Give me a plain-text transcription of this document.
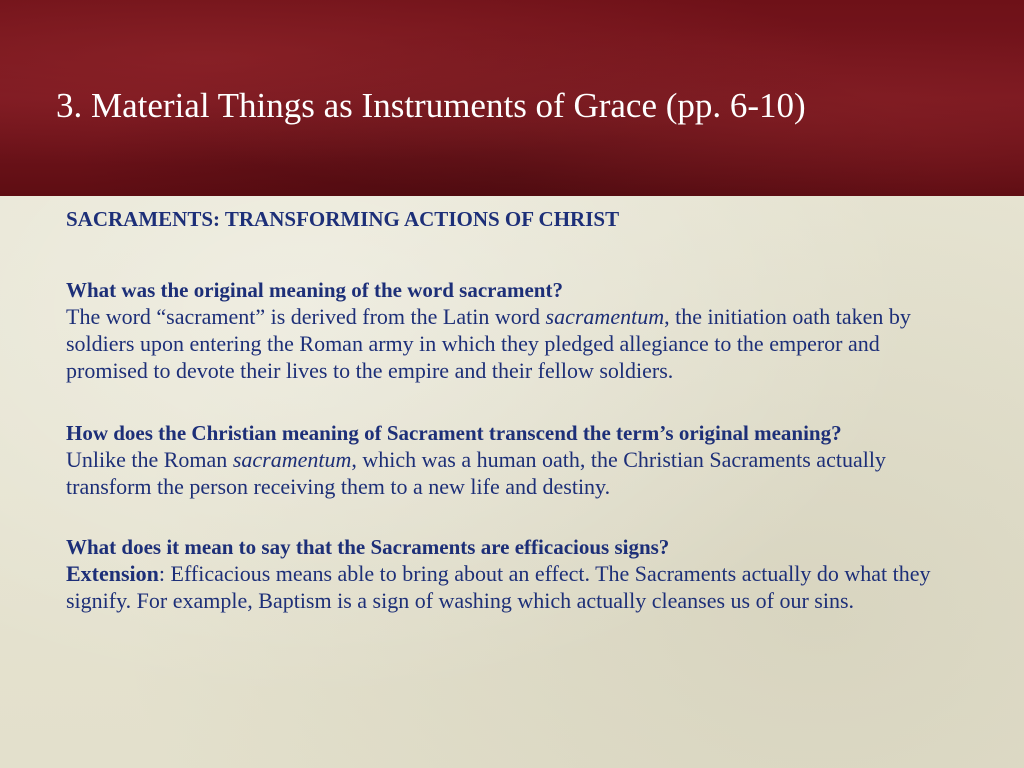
3. Material Things as Instruments of Grace (pp. 6-10)

SACRAMENTS: TRANSFORMING ACTIONS OF CHRIST

What was the original meaning of the word sacrament?

The word “sacrament” is derived from the Latin word sacramentum, the initiation oath taken by soldiers upon entering the Roman army in which they pledged allegiance to the emperor and promised to devote their lives to the empire and their fellow soldiers.

How does the Christian meaning of Sacrament transcend the term’s original meaning?

Unlike the Roman sacramentum, which was a human oath, the Christian Sacraments actually transform the person receiving them to a new life and destiny.

What does it mean to say that the Sacraments are efficacious signs?

Extension: Efficacious means able to bring about an effect. The Sacraments actually do what they signify. For example, Baptism is a sign of washing which actually cleanses us of our sins.
